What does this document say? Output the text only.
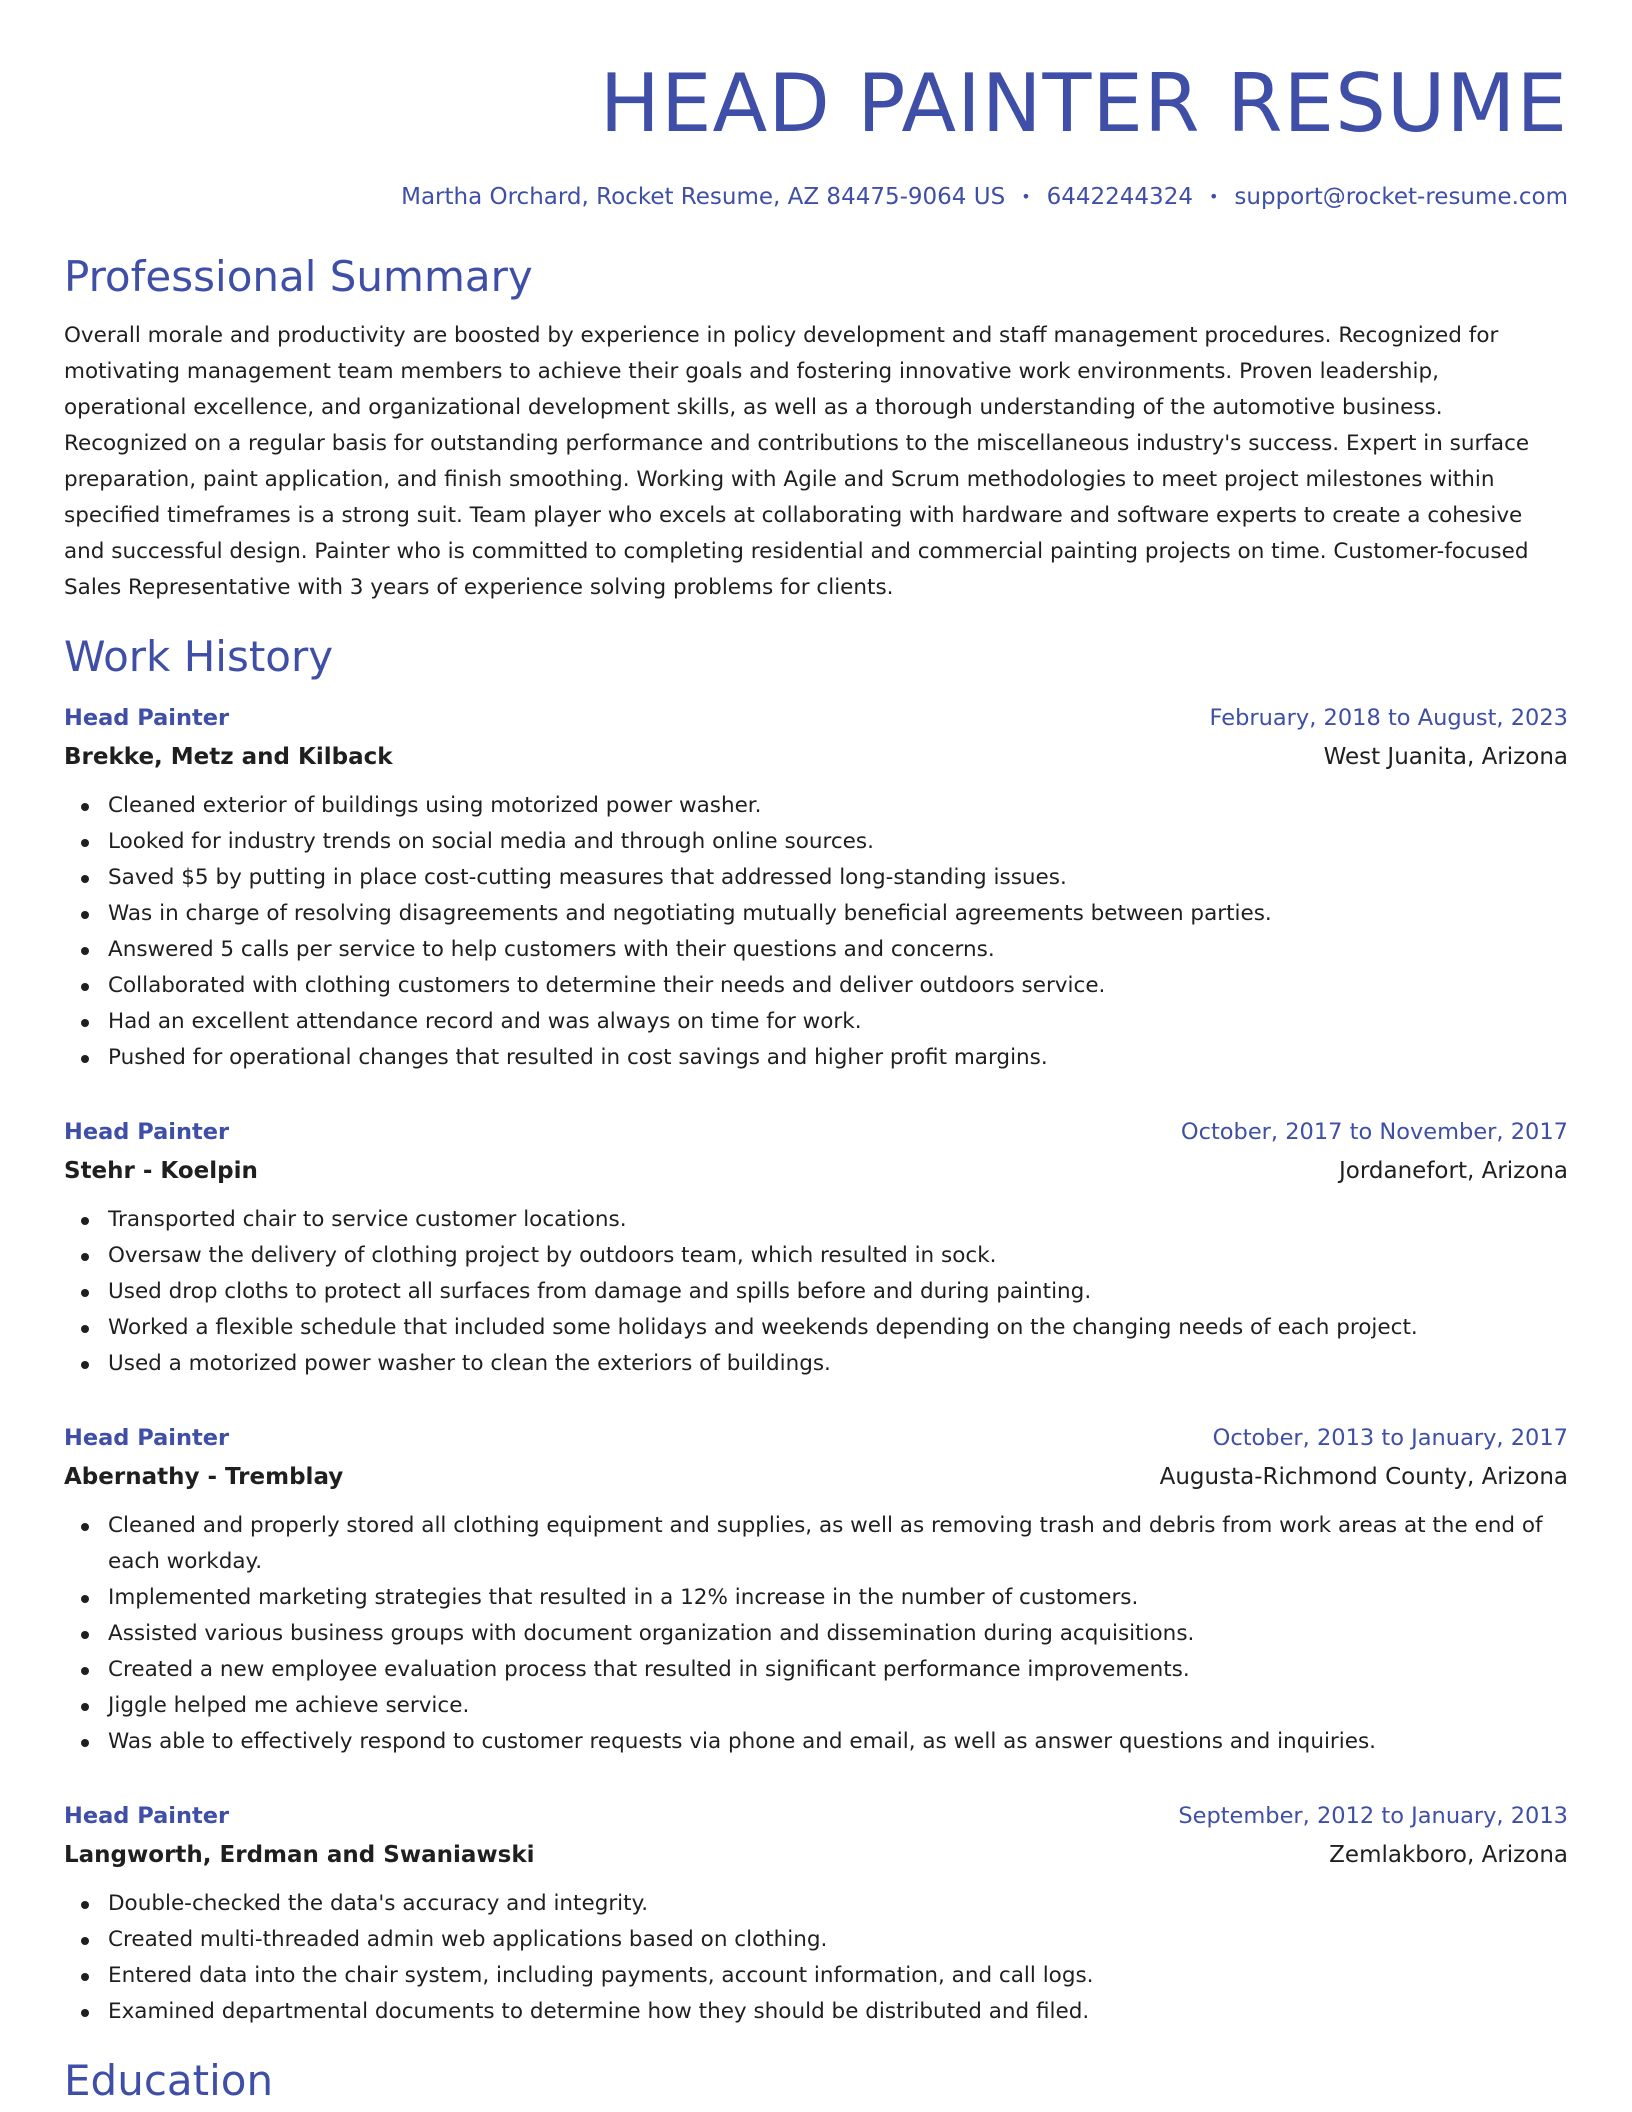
HEAD PAINTER RESUME
Martha Orchard, Rocket Resume, AZ 84475-9064 US • 6442244324 • support@rocket-resume.com
Professional Summary
Overall morale and productivity are boosted by experience in policy development and staff management procedures. Recognized for motivating management team members to achieve their goals and fostering innovative work environments. Proven leadership, operational excellence, and organizational development skills, as well as a thorough understanding of the automotive business. Recognized on a regular basis for outstanding performance and contributions to the miscellaneous industry's success. Expert in surface preparation, paint application, and finish smoothing. Working with Agile and Scrum methodologies to meet project milestones within specified timeframes is a strong suit. Team player who excels at collaborating with hardware and software experts to create a cohesive and successful design. Painter who is committed to completing residential and commercial painting projects on time. Customer-focused Sales Representative with 3 years of experience solving problems for clients.
Work History
Head Painter	February, 2018 to August, 2023
Brekke, Metz and Kilback	West Juanita, Arizona
Cleaned exterior of buildings using motorized power washer.
Looked for industry trends on social media and through online sources.
Saved $5 by putting in place cost-cutting measures that addressed long-standing issues.
Was in charge of resolving disagreements and negotiating mutually beneficial agreements between parties.
Answered 5 calls per service to help customers with their questions and concerns.
Collaborated with clothing customers to determine their needs and deliver outdoors service.
Had an excellent attendance record and was always on time for work.
Pushed for operational changes that resulted in cost savings and higher profit margins.
Head Painter	October, 2017 to November, 2017
Stehr - Koelpin	Jordanefort, Arizona
Transported chair to service customer locations.
Oversaw the delivery of clothing project by outdoors team, which resulted in sock.
Used drop cloths to protect all surfaces from damage and spills before and during painting.
Worked a flexible schedule that included some holidays and weekends depending on the changing needs of each project.
Used a motorized power washer to clean the exteriors of buildings.
Head Painter	October, 2013 to January, 2017
Abernathy - Tremblay	Augusta-Richmond County, Arizona
Cleaned and properly stored all clothing equipment and supplies, as well as removing trash and debris from work areas at the end of each workday.
Implemented marketing strategies that resulted in a 12% increase in the number of customers.
Assisted various business groups with document organization and dissemination during acquisitions.
Created a new employee evaluation process that resulted in significant performance improvements.
Jiggle helped me achieve service.
Was able to effectively respond to customer requests via phone and email, as well as answer questions and inquiries.
Head Painter	September, 2012 to January, 2013
Langworth, Erdman and Swaniawski	Zemlakboro, Arizona
Double-checked the data's accuracy and integrity.
Created multi-threaded admin web applications based on clothing.
Entered data into the chair system, including payments, account information, and call logs.
Examined departmental documents to determine how they should be distributed and filed.
Education
